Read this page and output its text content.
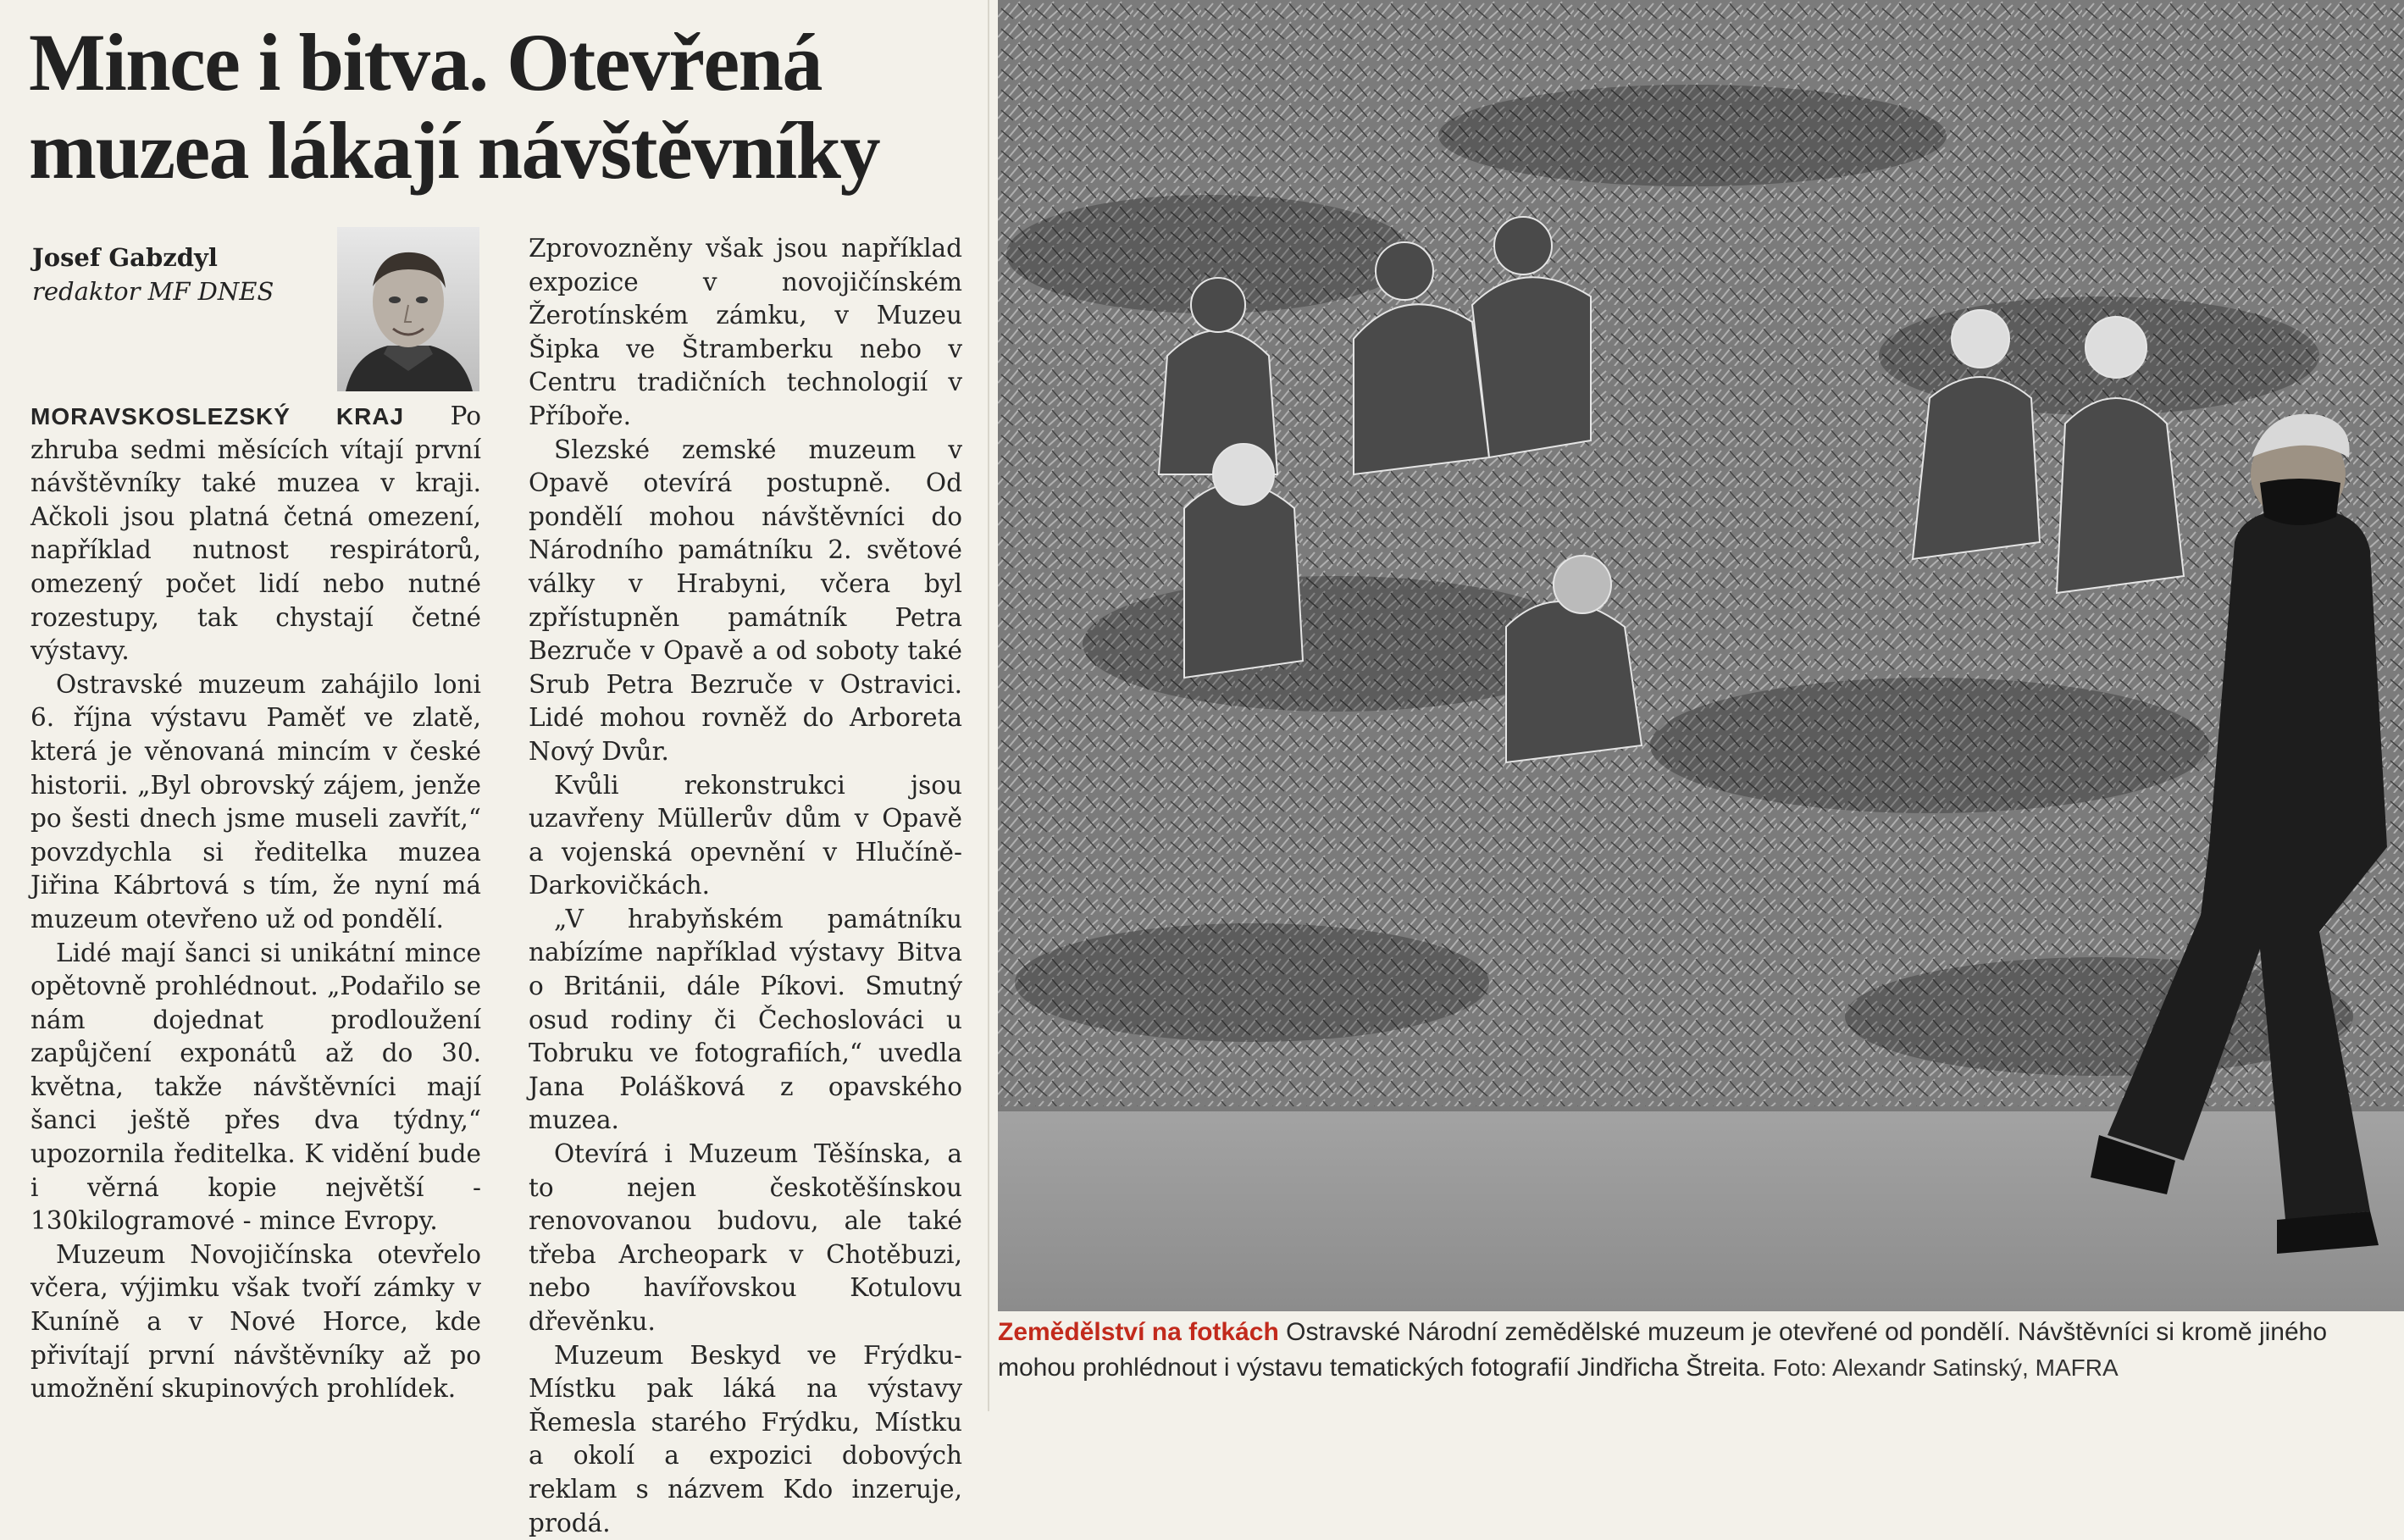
Mince i bitva. Otevřená
muzea lákají návštěvníky
Josef Gabzdyl
redaktor MF DNES

MORAVSKOSLEZSKÝ KRAJ Po zhruba sedmi měsících vítají první návštěvníky také muzea v kraji. Ačkoli jsou platná četná omezení, například nutnost respirátorů, omezený počet lidí nebo nutné rozestupy, tak chystají četné výstavy.

Ostravské muzeum zahájilo loni 6. října výstavu Paměť ve zlatě, která je věnovaná mincím v české historii. „Byl obrovský zájem, jenže po šesti dnech jsme museli zavřít,“ povzdychla si ředitelka muzea Jiřina Kábrtová s tím, že nyní má muzeum otevřeno už od pondělí.

Lidé mají šanci si unikátní mince opětovně prohlédnout. „Podařilo se nám dojednat prodloužení zapůjčení exponátů až do 30. května, takže návštěvníci mají šanci ještě přes dva týdny,“ upozornila ředitelka. K vidění bude i věrná kopie největší - 130kilogramové - mince Evropy.

Muzeum Novojičínska otevřelo včera, výjimku však tvoří zámky v Kuníně a v Nové Horce, kde přivítají první návštěvníky až po umožnění skupinových prohlídek.

Zprovozněny však jsou například expozice v novojičínském Žerotínském zámku, v Muzeu Šipka ve Štramberku nebo v Centru tradičních technologií v Příboře.

Slezské zemské muzeum v Opavě otevírá postupně. Od pondělí mohou návštěvníci do Národního památníku 2. světové války v Hrabyni, včera byl zpřístupněn památník Petra Bezruče v Opavě a od soboty také Srub Petra Bezruče v Ostravici. Lidé mohou rovněž do Arboreta Nový Dvůr.

Kvůli rekonstrukci jsou uzavřeny Müllerův dům v Opavě a vojenská opevnění v Hlučíně-Darkovičkách.

„V hrabyňském památníku nabízíme například výstavy Bitva o Británii, dále Píkovi. Smutný osud rodiny či Čechoslováci u Tobruku ve fotografiích,“ uvedla Jana Polášková z opavského muzea.

Otevírá i Muzeum Těšínska, a to nejen českotěšínskou renovovanou budovu, ale také třeba Archeopark v Chotěbuzi, nebo havířovskou Kotulovu dřevěnku.

Muzeum Beskyd ve Frýdku-Místku pak láká na výstavy Řemesla starého Frýdku, Místku a okolí a expozici dobových reklam s názvem Kdo inzeruje, prodá.

Zemědělství na fotkách Ostravské Národní zemědělské muzeum je otevřené od pondělí. Návštěvníci si kromě jiného mohou prohlédnout i výstavu tematických fotografií Jindřicha Štreita. Foto: Alexandr Satinský, MAFRA
